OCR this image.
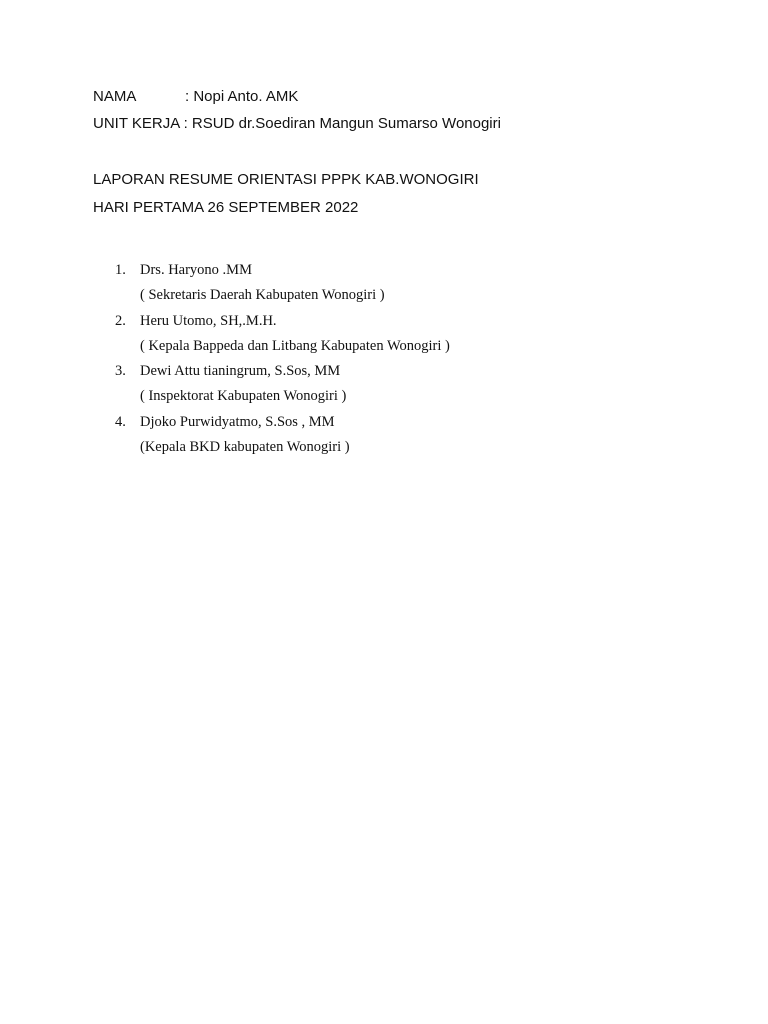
NAMA	: Nopi Anto. AMK
UNIT KERJA : RSUD dr.Soediran Mangun Sumarso Wonogiri
LAPORAN RESUME ORIENTASI PPPK KAB.WONOGIRI
HARI PERTAMA 26 SEPTEMBER 2022
1. Drs. Haryono .MM
( Sekretaris Daerah Kabupaten Wonogiri )
2. Heru Utomo, SH,.M.H.
( Kepala Bappeda dan Litbang Kabupaten Wonogiri )
3. Dewi Attu tianingrum, S.Sos, MM
( Inspektorat Kabupaten Wonogiri )
4. Djoko Purwidyatmo, S.Sos , MM
(Kepala BKD kabupaten Wonogiri )
